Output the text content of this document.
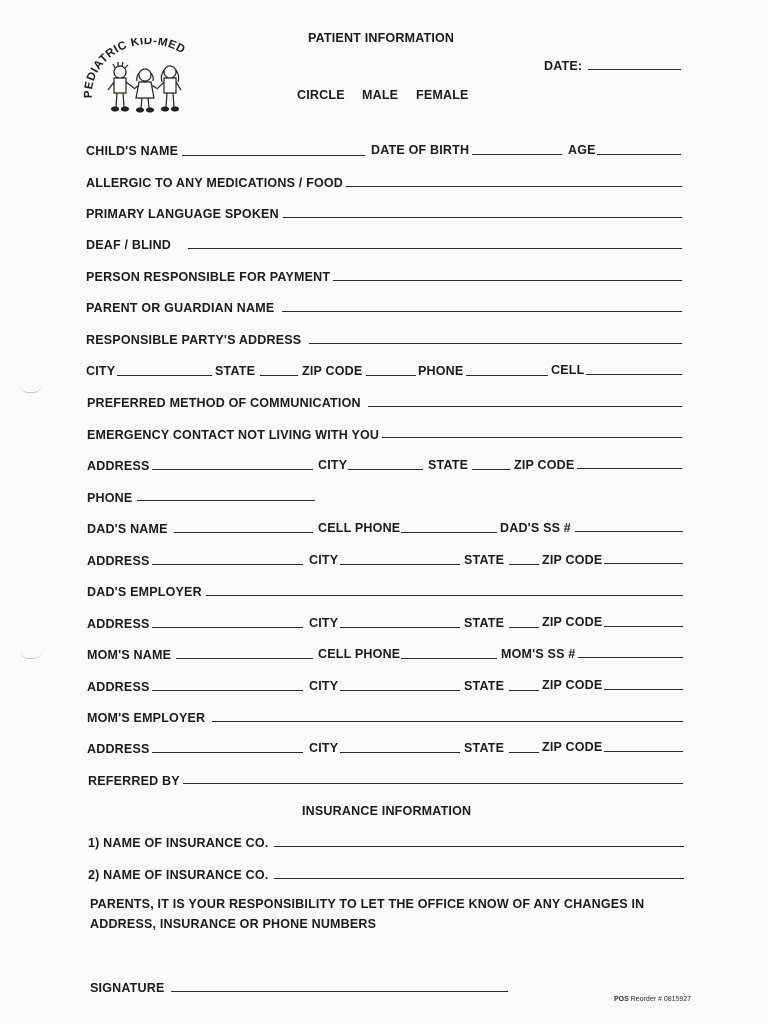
PEDIATRIC KID-MED
PATIENT INFORMATION
DATE:
CIRCLE MALE FEMALE
CHILD'S NAME	DATE OF BIRTH	AGE
ALLERGIC TO ANY MEDICATIONS / FOOD
PRIMARY LANGUAGE SPOKEN
DEAF / BLIND
PERSON RESPONSIBLE FOR PAYMENT
PARENT OR GUARDIAN NAME
RESPONSIBLE PARTY'S ADDRESS
CITY	STATE	ZIP CODE	PHONE	CELL
PREFERRED METHOD OF COMMUNICATION
EMERGENCY CONTACT NOT LIVING WITH YOU
ADDRESS	CITY	STATE	ZIP CODE
PHONE
DAD'S NAME	CELL PHONE	DAD'S SS #
ADDRESS	CITY	STATE	ZIP CODE
DAD'S EMPLOYER
ADDRESS	CITY	STATE	ZIP CODE
MOM'S NAME	CELL PHONE	MOM'S SS #
ADDRESS	CITY	STATE	ZIP CODE
MOM'S EMPLOYER
ADDRESS	CITY	STATE	ZIP CODE
REFERRED BY
INSURANCE INFORMATION
1) NAME OF INSURANCE CO.
2) NAME OF INSURANCE CO.
PARENTS, IT IS YOUR RESPONSIBILITY TO LET THE OFFICE KNOW OF ANY CHANGES IN
ADDRESS, INSURANCE OR PHONE NUMBERS
SIGNATURE
POS Reorder # 0815927
